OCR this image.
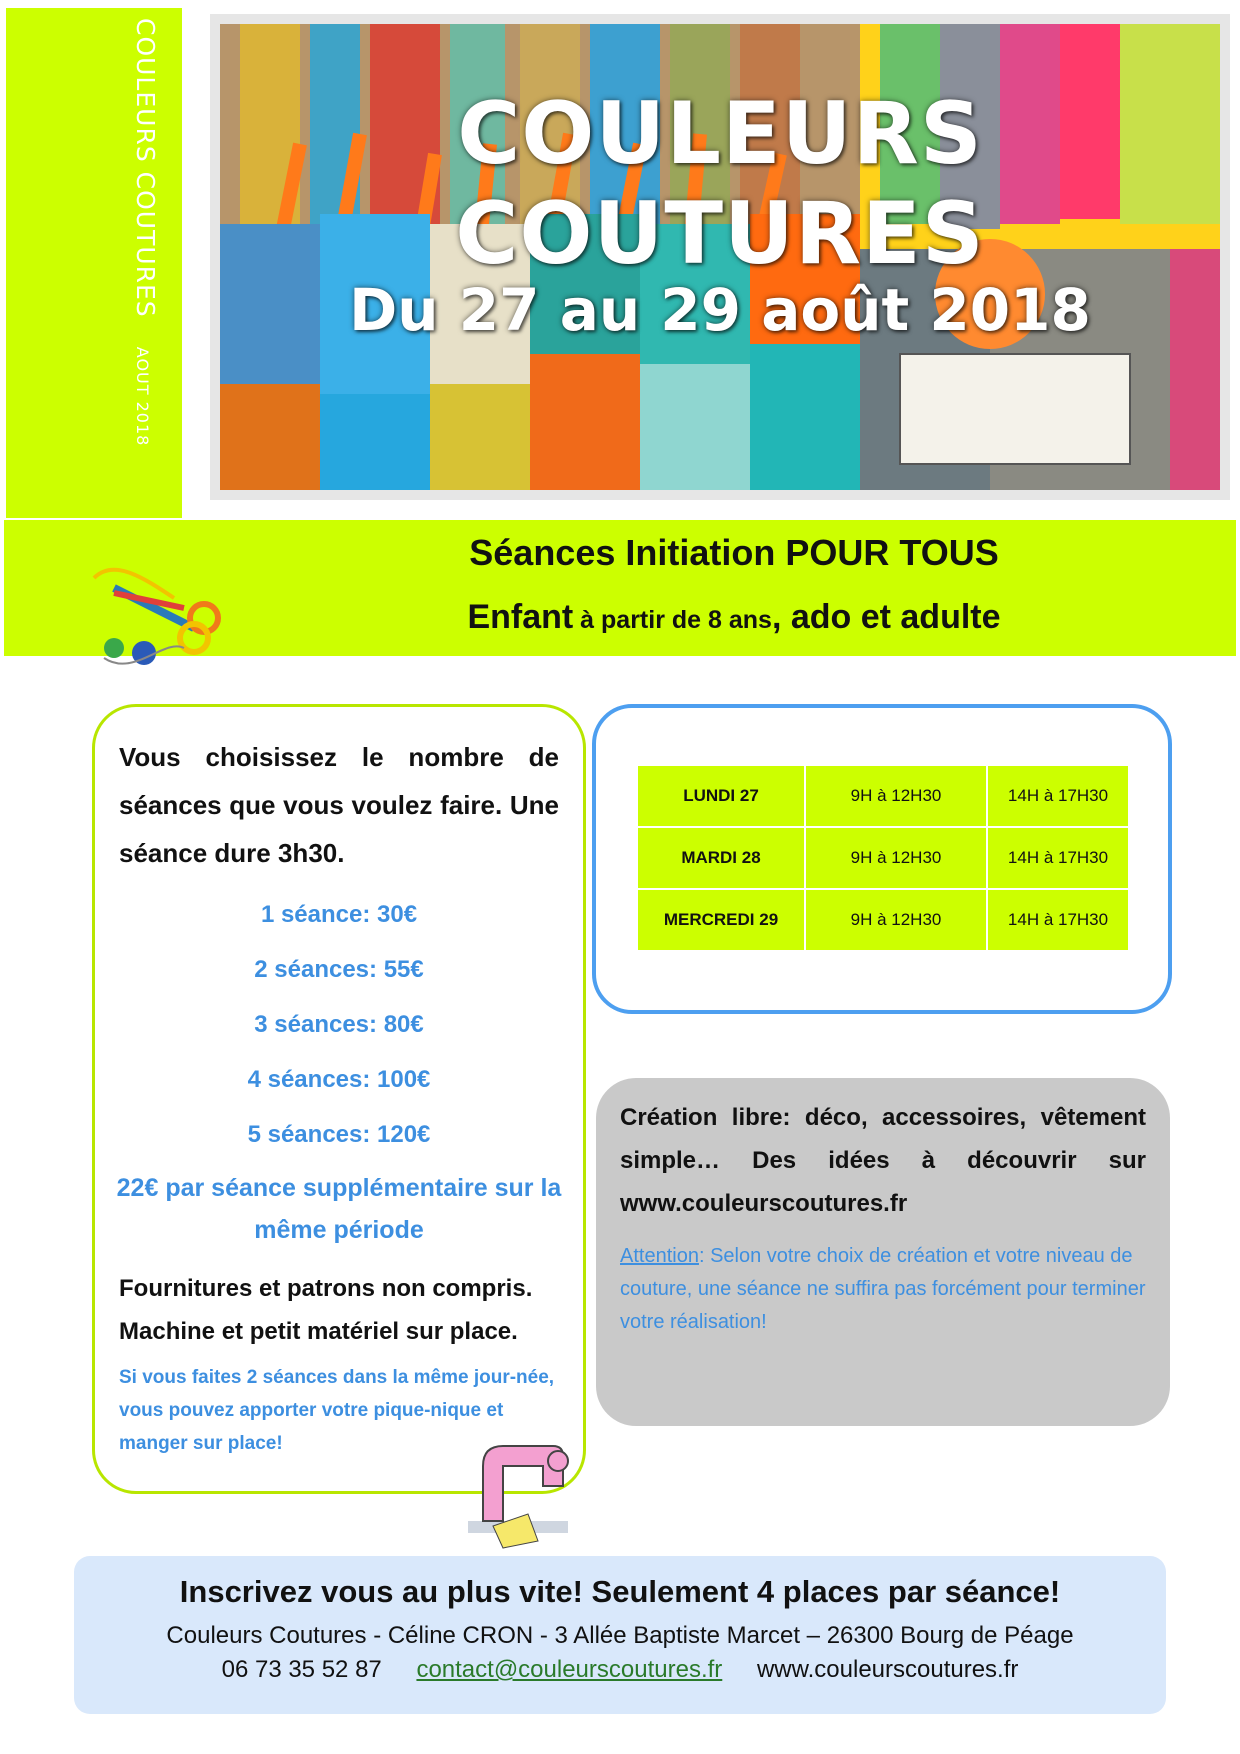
COULEURS COUTURES AOUT 2018
COULEURS COUTURES
Du 27 au 29 août 2018
Séances Initiation POUR TOUS
Enfant à partir de 8 ans, ado et adulte
Vous choisissez le nombre de séances que vous voulez faire. Une séance dure 3h30.
1 séance: 30€
2 séances: 55€
3 séances: 80€
4 séances: 100€
5 séances: 120€
22€ par séance supplémentaire sur la même période
Fournitures et patrons non compris.
Machine et petit matériel sur place.
Si vous faites 2 séances dans la même jour-née, vous pouvez apporter votre pique-nique et manger sur place!
LUNDI 27	9H à 12H30	14H à 17H30
MARDI 28	9H à 12H30	14H à 17H30
MERCREDI 29	9H à 12H30	14H à 17H30
Création libre: déco, accessoires, vêtement simple… Des idées à découvrir sur www.couleurscoutures.fr
Attention: Selon votre choix de création et votre niveau de couture, une séance ne suffira pas forcément pour terminer votre réalisation!
Inscrivez vous au plus vite! Seulement 4 places par séance!
Couleurs Coutures - Céline CRON - 3 Allée Baptiste Marcet – 26300 Bourg de Péage
06 73 35 52 87 contact@couleurscoutures.fr www.couleurscoutures.fr
